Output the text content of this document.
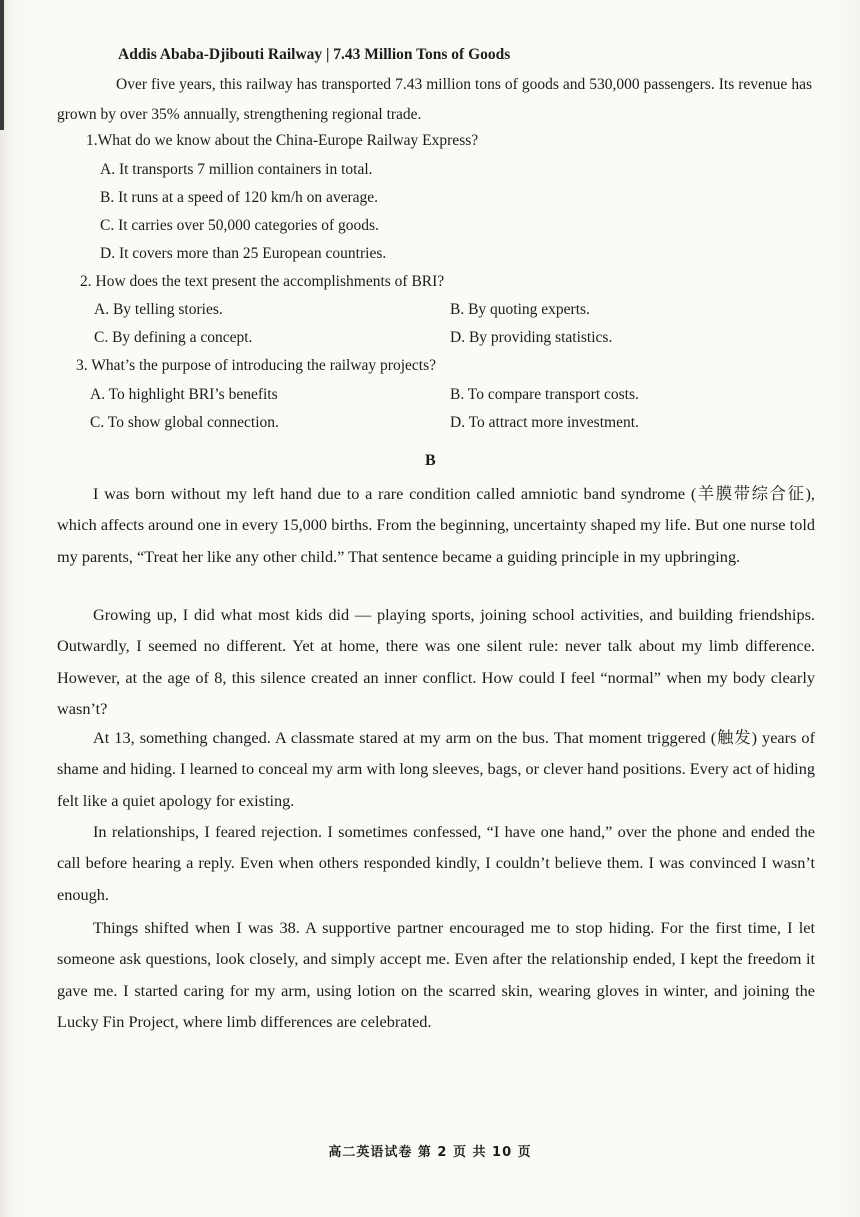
Addis Ababa-Djibouti Railway | 7.43 Million Tons of Goods

Over five years, this railway has transported 7.43 million tons of goods and 530,000 passengers. Its revenue has grown by over 35% annually, strengthening regional trade.

1.What do we know about the China-Europe Railway Express?
A. It transports 7 million containers in total.
B. It runs at a speed of 120 km/h on average.
C. It carries over 50,000 categories of goods.
D. It covers more than 25 European countries.
2. How does the text present the accomplishments of BRI?
A. By telling stories.	B. By quoting experts.
C. By defining a concept.	D. By providing statistics.
3. What’s the purpose of introducing the railway projects?
A. To highlight BRI’s benefits	B. To compare transport costs.
C. To show global connection.	D. To attract more investment.
B

I was born without my left hand due to a rare condition called amniotic band syndrome (羊膜带综合征), which affects around one in every 15,000 births. From the beginning, uncertainty shaped my life. But one nurse told my parents, “Treat her like any other child.” That sentence became a guiding principle in my upbringing.

Growing up, I did what most kids did — playing sports, joining school activities, and building friendships. Outwardly, I seemed no different. Yet at home, there was one silent rule: never talk about my limb difference. However, at the age of 8, this silence created an inner conflict. How could I feel “normal” when my body clearly wasn’t?

At 13, something changed. A classmate stared at my arm on the bus. That moment triggered (触发) years of shame and hiding. I learned to conceal my arm with long sleeves, bags, or clever hand positions. Every act of hiding felt like a quiet apology for existing.

In relationships, I feared rejection. I sometimes confessed, “I have one hand,” over the phone and ended the call before hearing a reply. Even when others responded kindly, I couldn’t believe them. I was convinced I wasn’t enough.

Things shifted when I was 38. A supportive partner encouraged me to stop hiding. For the first time, I let someone ask questions, look closely, and simply accept me. Even after the relationship ended, I kept the freedom it gave me. I started caring for my arm, using lotion on the scarred skin, wearing gloves in winter, and joining the Lucky Fin Project, where limb differences are celebrated.

高二英语试卷 第 2 页 共 10 页
